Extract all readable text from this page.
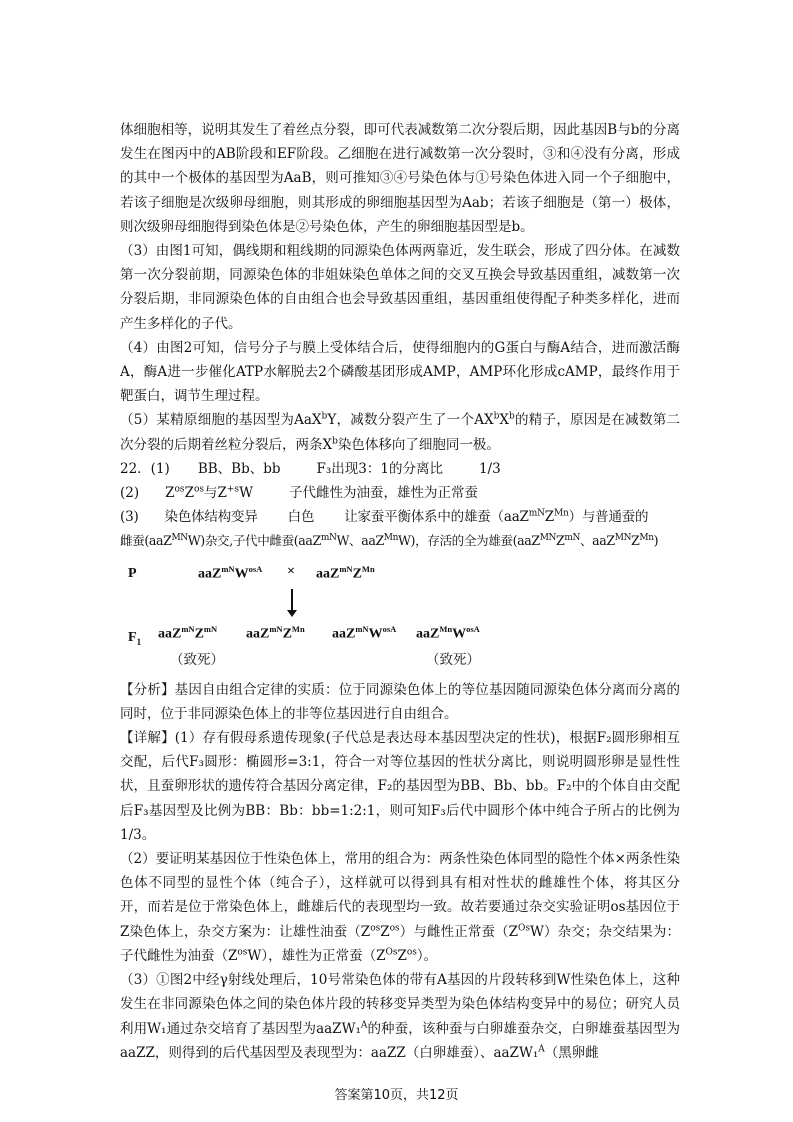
体细胞相等，说明其发生了着丝点分裂，即可代表减数第二次分裂后期，因此基因B与b的分离发生在图丙中的AB阶段和EF阶段。乙细胞在进行减数第一次分裂时，③和④没有分离，形成的其中一个极体的基因型为AaB，则可推知③④号染色体与①号染色体进入同一个子细胞中，若该子细胞是次级卵母细胞，则其形成的卵细胞基因型为Aab；若该子细胞是（第一）极体，则次级卵母细胞得到染色体是②号染色体，产生的卵细胞基因型是b。

（3）由图1可知，偶线期和粗线期的同源染色体两两靠近，发生联会，形成了四分体。在减数第一次分裂前期，同源染色体的非姐妹染色单体之间的交叉互换会导致基因重组，减数第一次分裂后期，非同源染色体的自由组合也会导致基因重组，基因重组使得配子种类多样化，进而产生多样化的子代。

（4）由图2可知，信号分子与膜上受体结合后，使得细胞内的G蛋白与酶A结合，进而激活酶A，酶A进一步催化ATP水解脱去2个磷酸基团形成AMP，AMP环化形成cAMP，最终作用于靶蛋白，调节生理过程。

（5）某精原细胞的基因型为AaX$^b$Y，减数分裂产生了一个$AX^bX^b$的精子，原因是在减数第二次分裂的后期着丝粒分裂后，两条$X^b$染色体移向了细胞同一极。

22．(1) BB、Bb、bb	F₃出现3：1的分离比	1/3

(2) $Z^{os}Z^{os}$与$Z^{+s}W$	子代雌性为油蚕，雄性为正常蚕

(3) 染色体结构变异 白色 让家蚕平衡体系中的雄蚕$(aaZ^{mN}Z^{Mn})$与普通蚕的

雌蚕(aaZ$^{MN}$W)杂交,子代中雌蚕(aaZ$^{mN}$W、aaZ$^{Mn}$W)，存活的全为雄蚕($aaZ^{MN}Z^{mN}$、$aaZ^{MN}Z^{Mn}$)

P	$aaZ^{mN}W^{osA} \times aaZ^{mN}Z^{Mn}$
$F_1$
$aaZ^{mN}Z^{mN}$ $aaZ^{mN}Z^{Mn}$ $aaZ^{mN}W^{osA}$ $aaZ^{Mn}W^{osA}$
（致死）	（致死）

【分析】基因自由组合定律的实质：位于同源染色体上的等位基因随同源染色体分离而分离的同时，位于非同源染色体上的非等位基因进行自由组合。

【详解】(1）存有假母系遗传现象(子代总是表达母本基因型决定的性状)，根据F₂圆形卵相互交配，后代F₃圆形：椭圆形=3:1，符合一对等位基因的性状分离比，则说明圆形卵是显性性状，且蚕卵形状的遗传符合基因分离定律，F₂的基因型为BB、Bb、bb。F₂中的个体自由交配后F₃基因型及比例为BB：Bb：bb=1:2:1，则可知F₃后代中圆形个体中纯合子所占的比例为1/3。

（2）要证明某基因位于性染色体上，常用的组合为：两条性染色体同型的隐性个体×两条性染色体不同型的显性个体（纯合子），这样就可以得到具有相对性状的雌雄性个体，将其区分开，而若是位于常染色体上，雌雄后代的表现型均一致。故若要通过杂交实验证明os基因位于Z染色体上，杂交方案为：让雄性油蚕$(Z^{os}Z^{os})$与雌性正常蚕$(Z^{Os}W)$杂交；杂交结果为：子代雌性为油蚕$(Z^{os}W)$，雄性为正常蚕$(Z^{Os}Z^{os})$。

（3）①图2中经γ射线处理后，10号常染色体的带有A基因的片段转移到W性染色体上，这种发生在非同源染色体之间的染色体片段的转移变异类型为染色体结构变异中的易位；研究人员利用W₁通过杂交培育了基因型为aaZW₁$^A$的种蚕，该种蚕与白卵雄蚕杂交，白卵雄蚕基因型为aaZZ，则得到的后代基因型及表现型为：aaZZ（白卵雄蚕）、aaZW₁$^A$（黑卵雌

答案第10页，共12页
